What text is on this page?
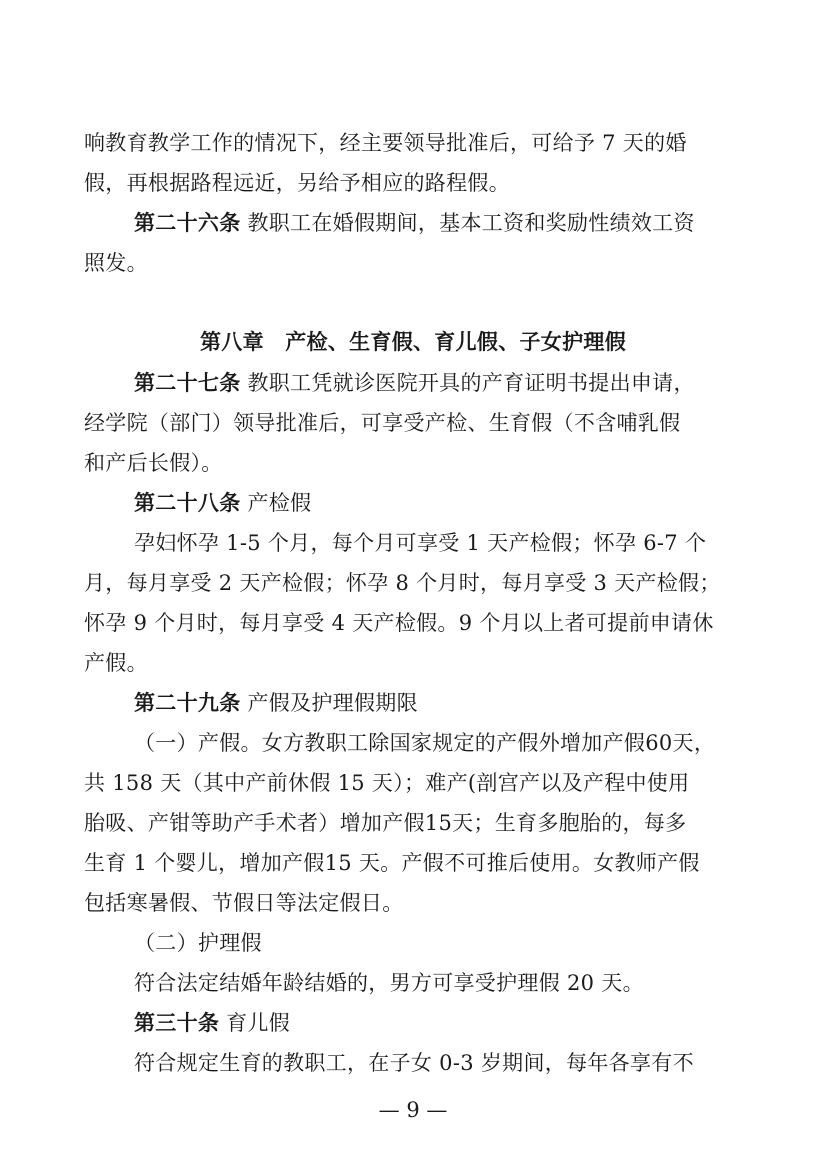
响教育教学工作的情况下，经主要领导批准后，可给予 7 天的婚
假，再根据路程远近，另给予相应的路程假。
第二十六条 教职工在婚假期间，基本工资和奖励性绩效工资
照发。
第八章　产检、生育假、育儿假、子女护理假
第二十七条 教职工凭就诊医院开具的产育证明书提出申请，
经学院（部门）领导批准后，可享受产检、生育假（不含哺乳假
和产后长假）。
第二十八条 产检假
孕妇怀孕 1-5 个月，每个月可享受 1 天产检假；怀孕 6-7 个
月，每月享受 2 天产检假；怀孕 8 个月时，每月享受 3 天产检假；
怀孕 9 个月时，每月享受 4 天产检假。9 个月以上者可提前申请休
产假。
第二十九条 产假及护理假期限
（一）产假。女方教职工除国家规定的产假外增加产假60天，
共 158 天（其中产前休假 15 天）；难产(剖宫产以及产程中使用
胎吸、产钳等助产手术者）增加产假15天；生育多胞胎的，每多
生育 1 个婴儿，增加产假15 天。产假不可推后使用。女教师产假
包括寒暑假、节假日等法定假日。
（二）护理假
符合法定结婚年龄结婚的，男方可享受护理假 20 天。
第三十条 育儿假
符合规定生育的教职工，在子女 0-3 岁期间，每年各享有不
— 9 —
